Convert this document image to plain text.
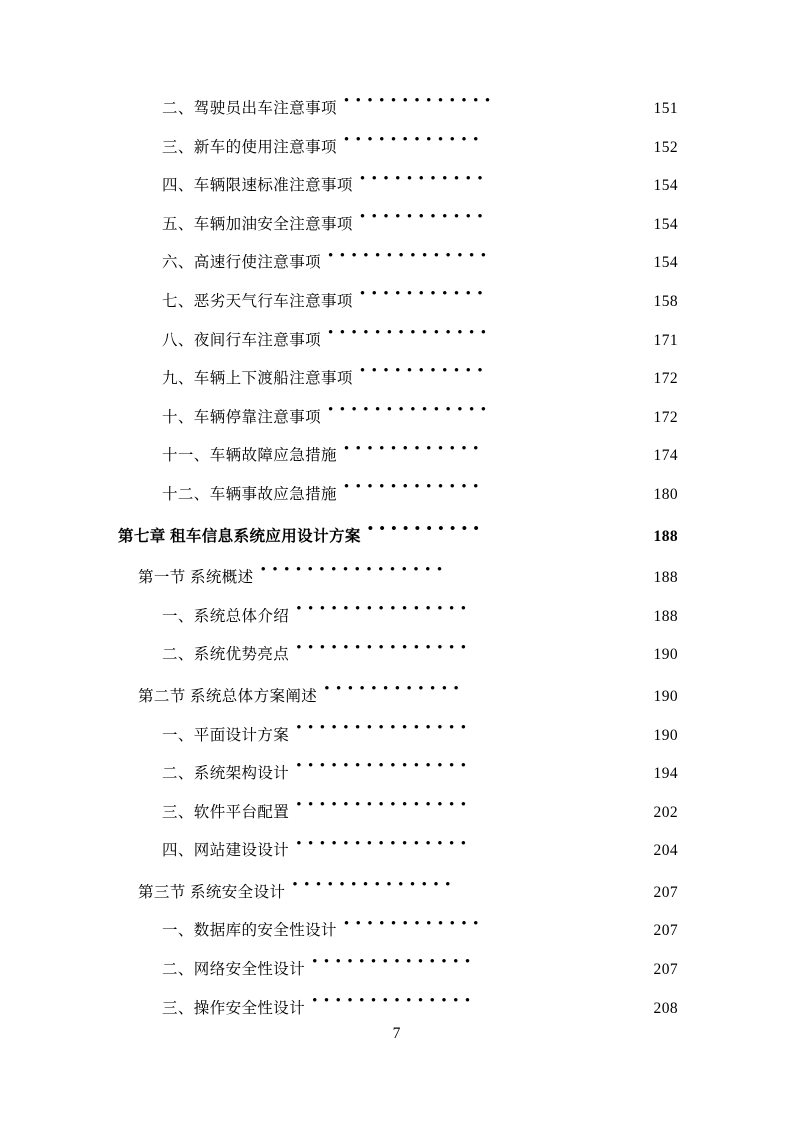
二、驾驶员出车注意事项 •••••••••••••	151
三、新车的使用注意事项 ••••••••••••	152
四、车辆限速标准注意事项 •••••••••••	154
五、车辆加油安全注意事项 •••••••••••	154
六、高速行使注意事项 ••••••••••••••	154
七、恶劣天气行车注意事项 •••••••••••	158
八、夜间行车注意事项 ••••••••••••••	171
九、车辆上下渡船注意事项 •••••••••••	172
十、车辆停靠注意事项 ••••••••••••••	172
十一、车辆故障应急措施 ••••••••••••	174
十二、车辆事故应急措施 ••••••••••••	180
第七章 租车信息系统应用设计方案 ••••••••••	188
第一节 系统概述 ••••••••••••••••	188
一、系统总体介绍 •••••••••••••••	188
二、系统优势亮点 •••••••••••••••	190
第二节 系统总体方案阐述 ••••••••••••	190
一、平面设计方案 •••••••••••••••	190
二、系统架构设计 •••••••••••••••	194
三、软件平台配置 •••••••••••••••	202
四、网站建设设计 •••••••••••••••	204
第三节 系统安全设计 ••••••••••••••	207
一、数据库的安全性设计 ••••••••••••	207
二、网络安全性设计 ••••••••••••••	207
三、操作安全性设计 ••••••••••••••	208
7
